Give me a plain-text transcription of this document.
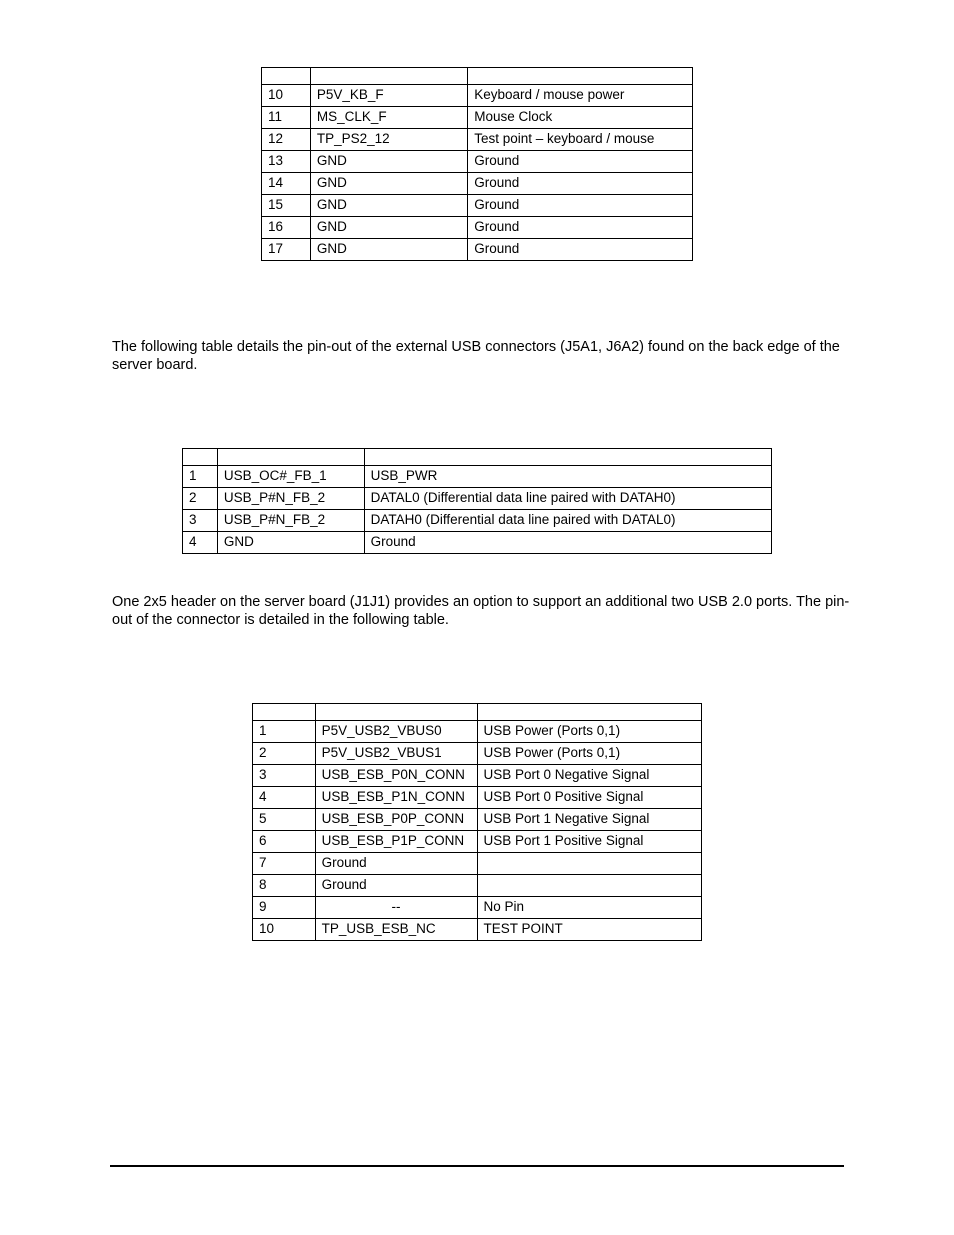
10	P5V_KB_F	Keyboard / mouse power
11	MS_CLK_F	Mouse Clock
12	TP_PS2_12	Test point – keyboard / mouse
13	GND	Ground
14	GND	Ground
15	GND	Ground
16	GND	Ground
17	GND	Ground

The following table details the pin-out of the external USB connectors (J5A1, J6A2) found on the back edge of the server board.

1	USB_OC#_FB_1	USB_PWR
2	USB_P#N_FB_2	DATAL0 (Differential data line paired with DATAH0)
3	USB_P#N_FB_2	DATAH0 (Differential data line paired with DATAL0)
4	GND	Ground

One 2x5 header on the server board (J1J1) provides an option to support an additional two USB 2.0 ports. The pin-out of the connector is detailed in the following table.

1	P5V_USB2_VBUS0	USB Power (Ports 0,1)
2	P5V_USB2_VBUS1	USB Power (Ports 0,1)
3	USB_ESB_P0N_CONN	USB Port 0 Negative Signal
4	USB_ESB_P1N_CONN	USB Port 0 Positive Signal
5	USB_ESB_P0P_CONN	USB Port 1 Negative Signal
6	USB_ESB_P1P_CONN	USB Port 1 Positive Signal
7	Ground	
8	Ground	
9	--	No Pin
10	TP_USB_ESB_NC	TEST POINT
